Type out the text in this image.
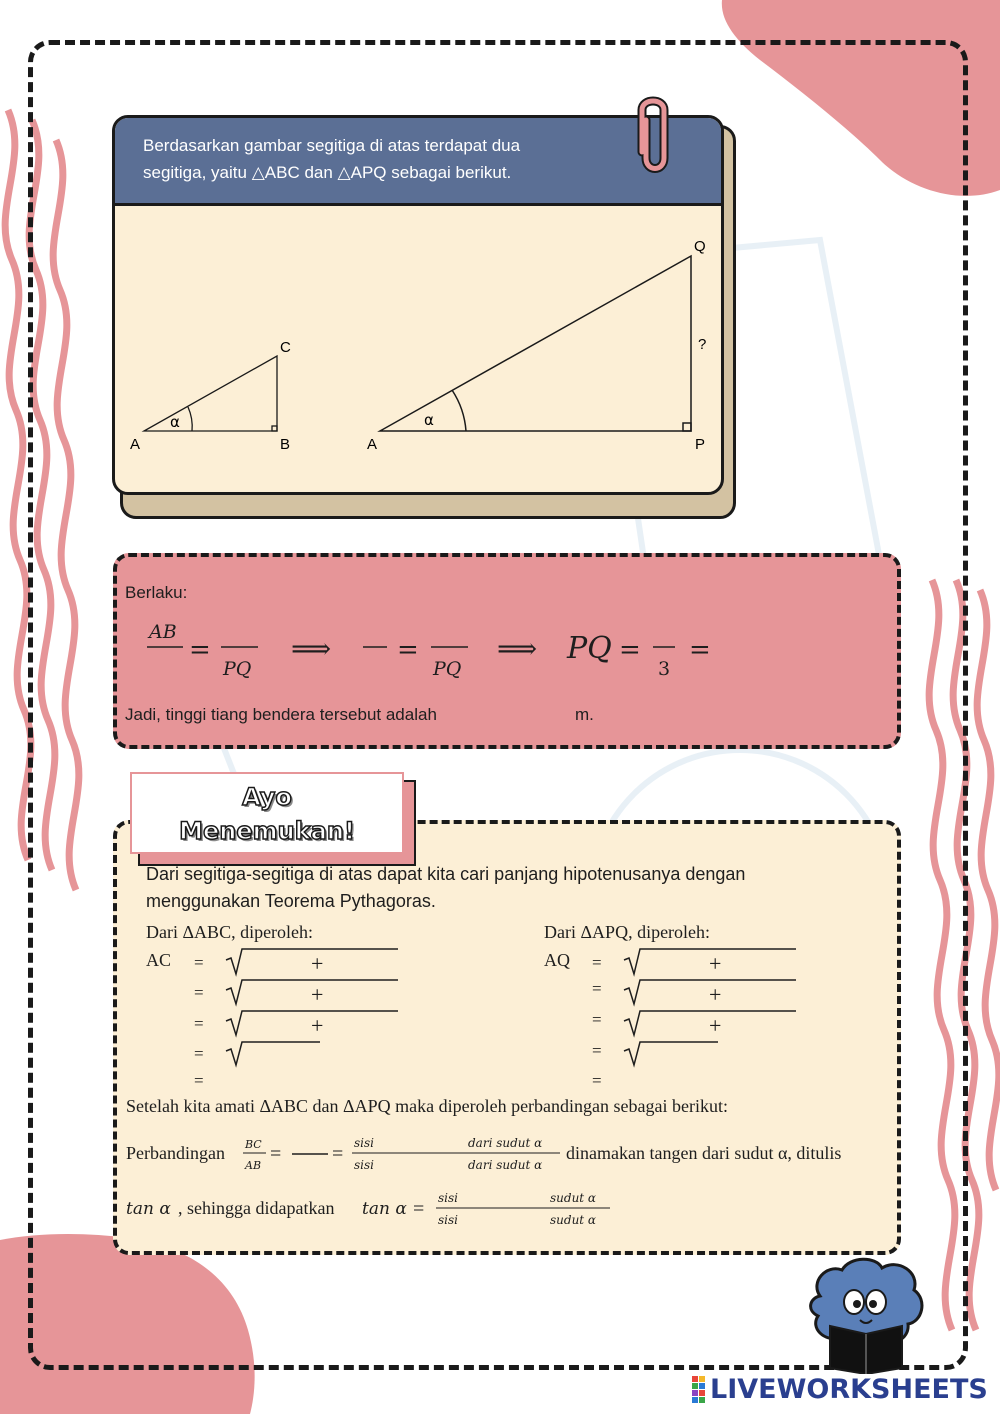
Berdasarkan gambar segitiga di atas terdapat dua
segitiga, yaitu △ABC dan △APQ sebagai berikut.
A	B
C
α
A	P
Q
α
?
Berlaku:
Jadi, tinggi tiang bendera tersebut adalah	m.
AB
=
PQ
⟹	=
PQ
⟹ PQ =
3
=
Ayo
Menemukan!
Dari segitiga-segitiga di atas dapat kita cari panjang hipotenusanya dengan
menggunakan Teorema Pythagoras.
Dari ΔABC, diperoleh:	Dari ΔAPQ, diperoleh:
AC =	+
=	+
=	+
=
=
AQ =	+
=	+
=	+
=
=
Setelah kita amati ΔABC dan ΔAPQ maka diperoleh perbandingan sebagai berikut:
Perbandingan BC
AB
=	= sisi	dari sudut α
sisi	dari sudut α
dinamakan tangen dari sudut α, ditulis
tan α , sehingga didapatkan tan α = sisi	sudut α
sisi	sudut α
LIVEWORKSHEETS
